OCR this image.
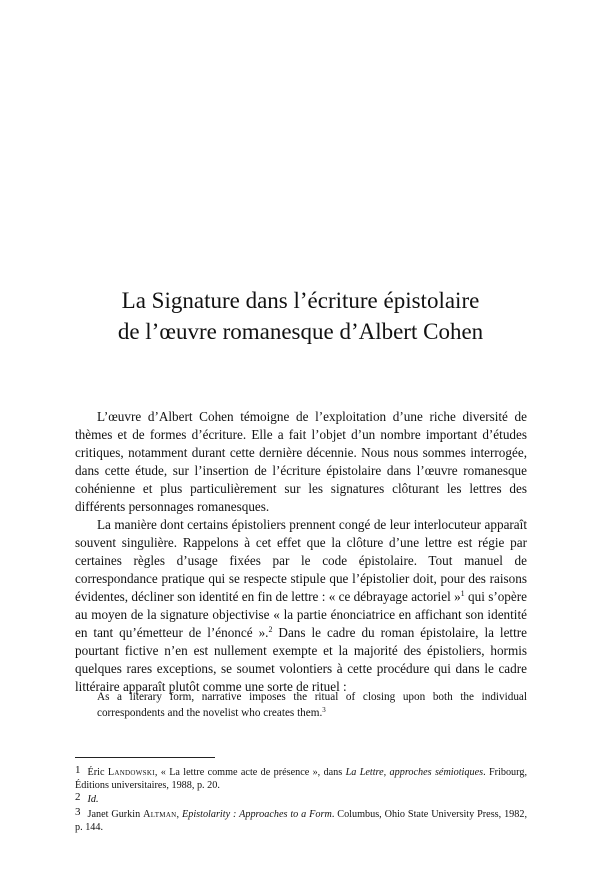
La Signature dans l’écriture épistolaire
de l’œuvre romanesque d’Albert Cohen

L’œuvre d’Albert Cohen témoigne de l’exploitation d’une riche diversité de thèmes et de formes d’écriture. Elle a fait l’objet d’un nombre important d’études critiques, notamment durant cette dernière décennie. Nous nous sommes interrogée, dans cette étude, sur l’insertion de l’écriture épistolaire dans l’œuvre romanesque cohénienne et plus particulièrement sur les signatures clôturant les lettres des différents personnages romanesques.

La manière dont certains épistoliers prennent congé de leur interlocuteur apparaît souvent singulière. Rappelons à cet effet que la clôture d’une lettre est régie par certaines règles d’usage fixées par le code épistolaire. Tout manuel de correspondance pratique qui se respecte stipule que l’épistolier doit, pour des raisons évidentes, décliner son identité en fin de lettre : « ce débrayage actoriel »$^1$ qui s’opère au moyen de la signature objectivise « la partie énonciatrice en affichant son identité en tant qu’émetteur de l’énoncé ».$^2$ Dans le cadre du roman épistolaire, la lettre pourtant fictive n’en est nullement exempte et la majorité des épistoliers, hormis quelques rares exceptions, se soumet volontiers à cette procédure qui dans le cadre littéraire apparaît plutôt comme une sorte de rituel :

As a literary form, narrative imposes the ritual of closing upon both the individual correspondents and the novelist who creates them.$^3$
1 Éric Landowski, « La lettre comme acte de présence », dans La Lettre, approches sémiotiques. Fribourg, Éditions universitaires, 1988, p. 20.
2 Id.
3 Janet Gurkin Altman, Epistolarity : Approaches to a Form. Columbus, Ohio State University Press, 1982, p. 144.
